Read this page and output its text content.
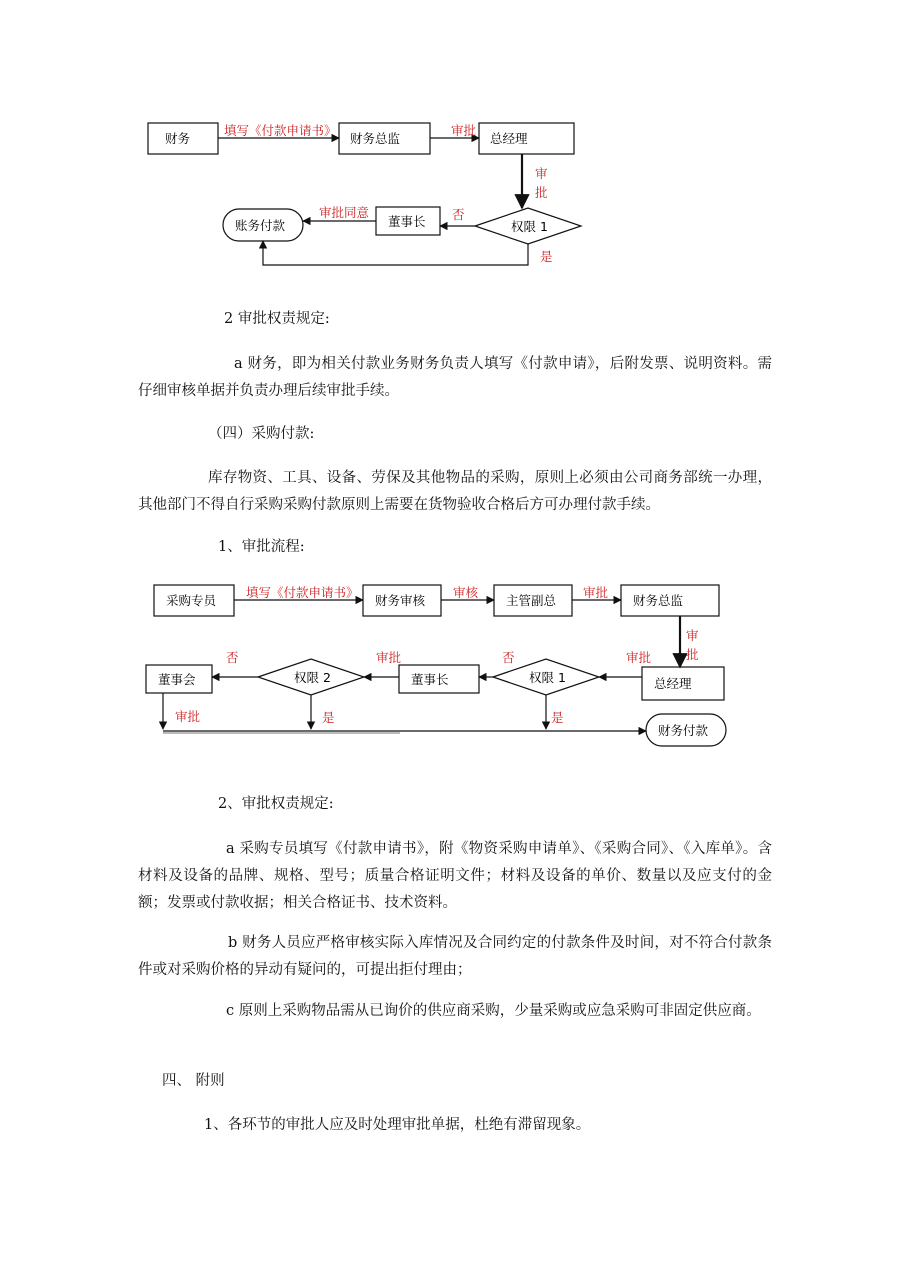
财务	财务总监	总经理
权限 1
董事长
账务付款
填写《付款申请书》	审批
审
批
否
审批同意
是

2 审批权责规定:

a 财务，即为相关付款业务财务负责人填写《付款申请》，后附发票、说明资料。需仔细审核单据并负责办理后续审批手续。

（四）采购付款:

库存物资、工具、设备、劳保及其他物品的采购，原则上必须由公司商务部统一办理，其他部门不得自行采购采购付款原则上需要在货物验收合格后方可办理付款手续。

1、审批流程:

采购专员	财务审核	主管副总	财务总监
总经理
权限 1
董事长
权限 2
董事会
财务付款
填写《付款申请书》	审核	审批
审
批
审批
否
审批
否
审批	是	是

2、审批权责规定:

a 采购专员填写《付款申请书》，附《物资采购申请单》、《采购合同》、《入库单》。含材料及设备的品牌、规格、型号；质量合格证明文件；材料及设备的单价、数量以及应支付的金额；发票或付款收据；相关合格证书、技术资料。

b 财务人员应严格审核实际入库情况及合同约定的付款条件及时间，对不符合付款条件或对采购价格的异动有疑问的，可提出拒付理由；

c 原则上采购物品需从已询价的供应商采购，少量采购或应急采购可非固定供应商。

四、 附则

1、各环节的审批人应及时处理审批单据，杜绝有滞留现象。
